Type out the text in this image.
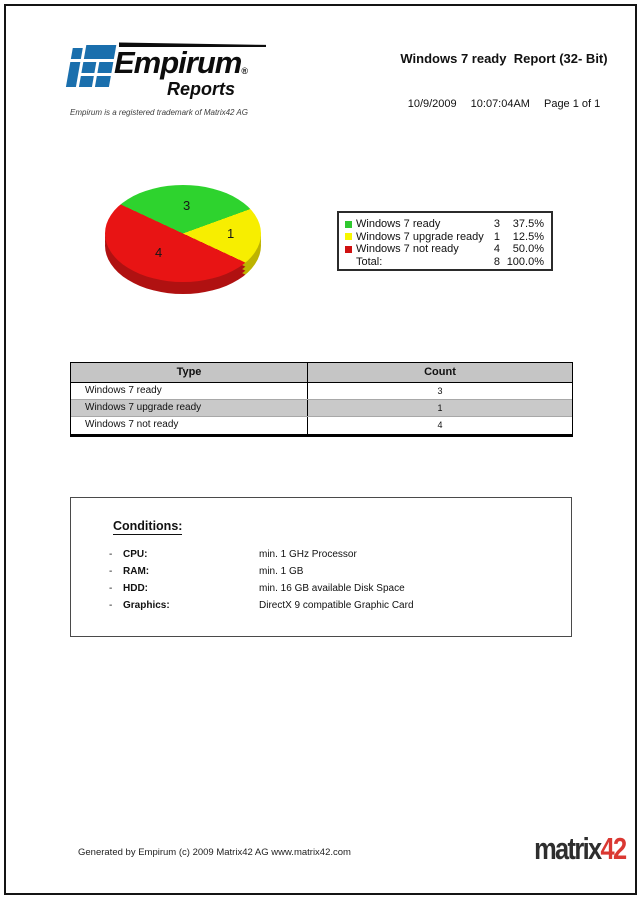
Empirum®
Reports
Empirum is a registered trademark of Matrix42 AG
Windows 7 ready  Report (32- Bit)
10/9/2009 10:07:04AM Page 1 of 1
3
1
4
Windows 7 ready	3	37.5%
Windows 7 upgrade ready 1	12.5%
Windows 7 not ready	4	50.0%
Total:	8 100.0%
Type	Count
Windows 7 ready	3
Windows 7 upgrade ready	1
Windows 7 not ready	4
Conditions:
-	CPU:	min. 1 GHz Processor
-	RAM:	min. 1 GB
-	HDD:	min. 16 GB available Disk Space
-	Graphics:	DirectX 9 compatible Graphic Card
Generated by Empirum (c) 2009 Matrix42 AG www.matrix42.com	matrix42
